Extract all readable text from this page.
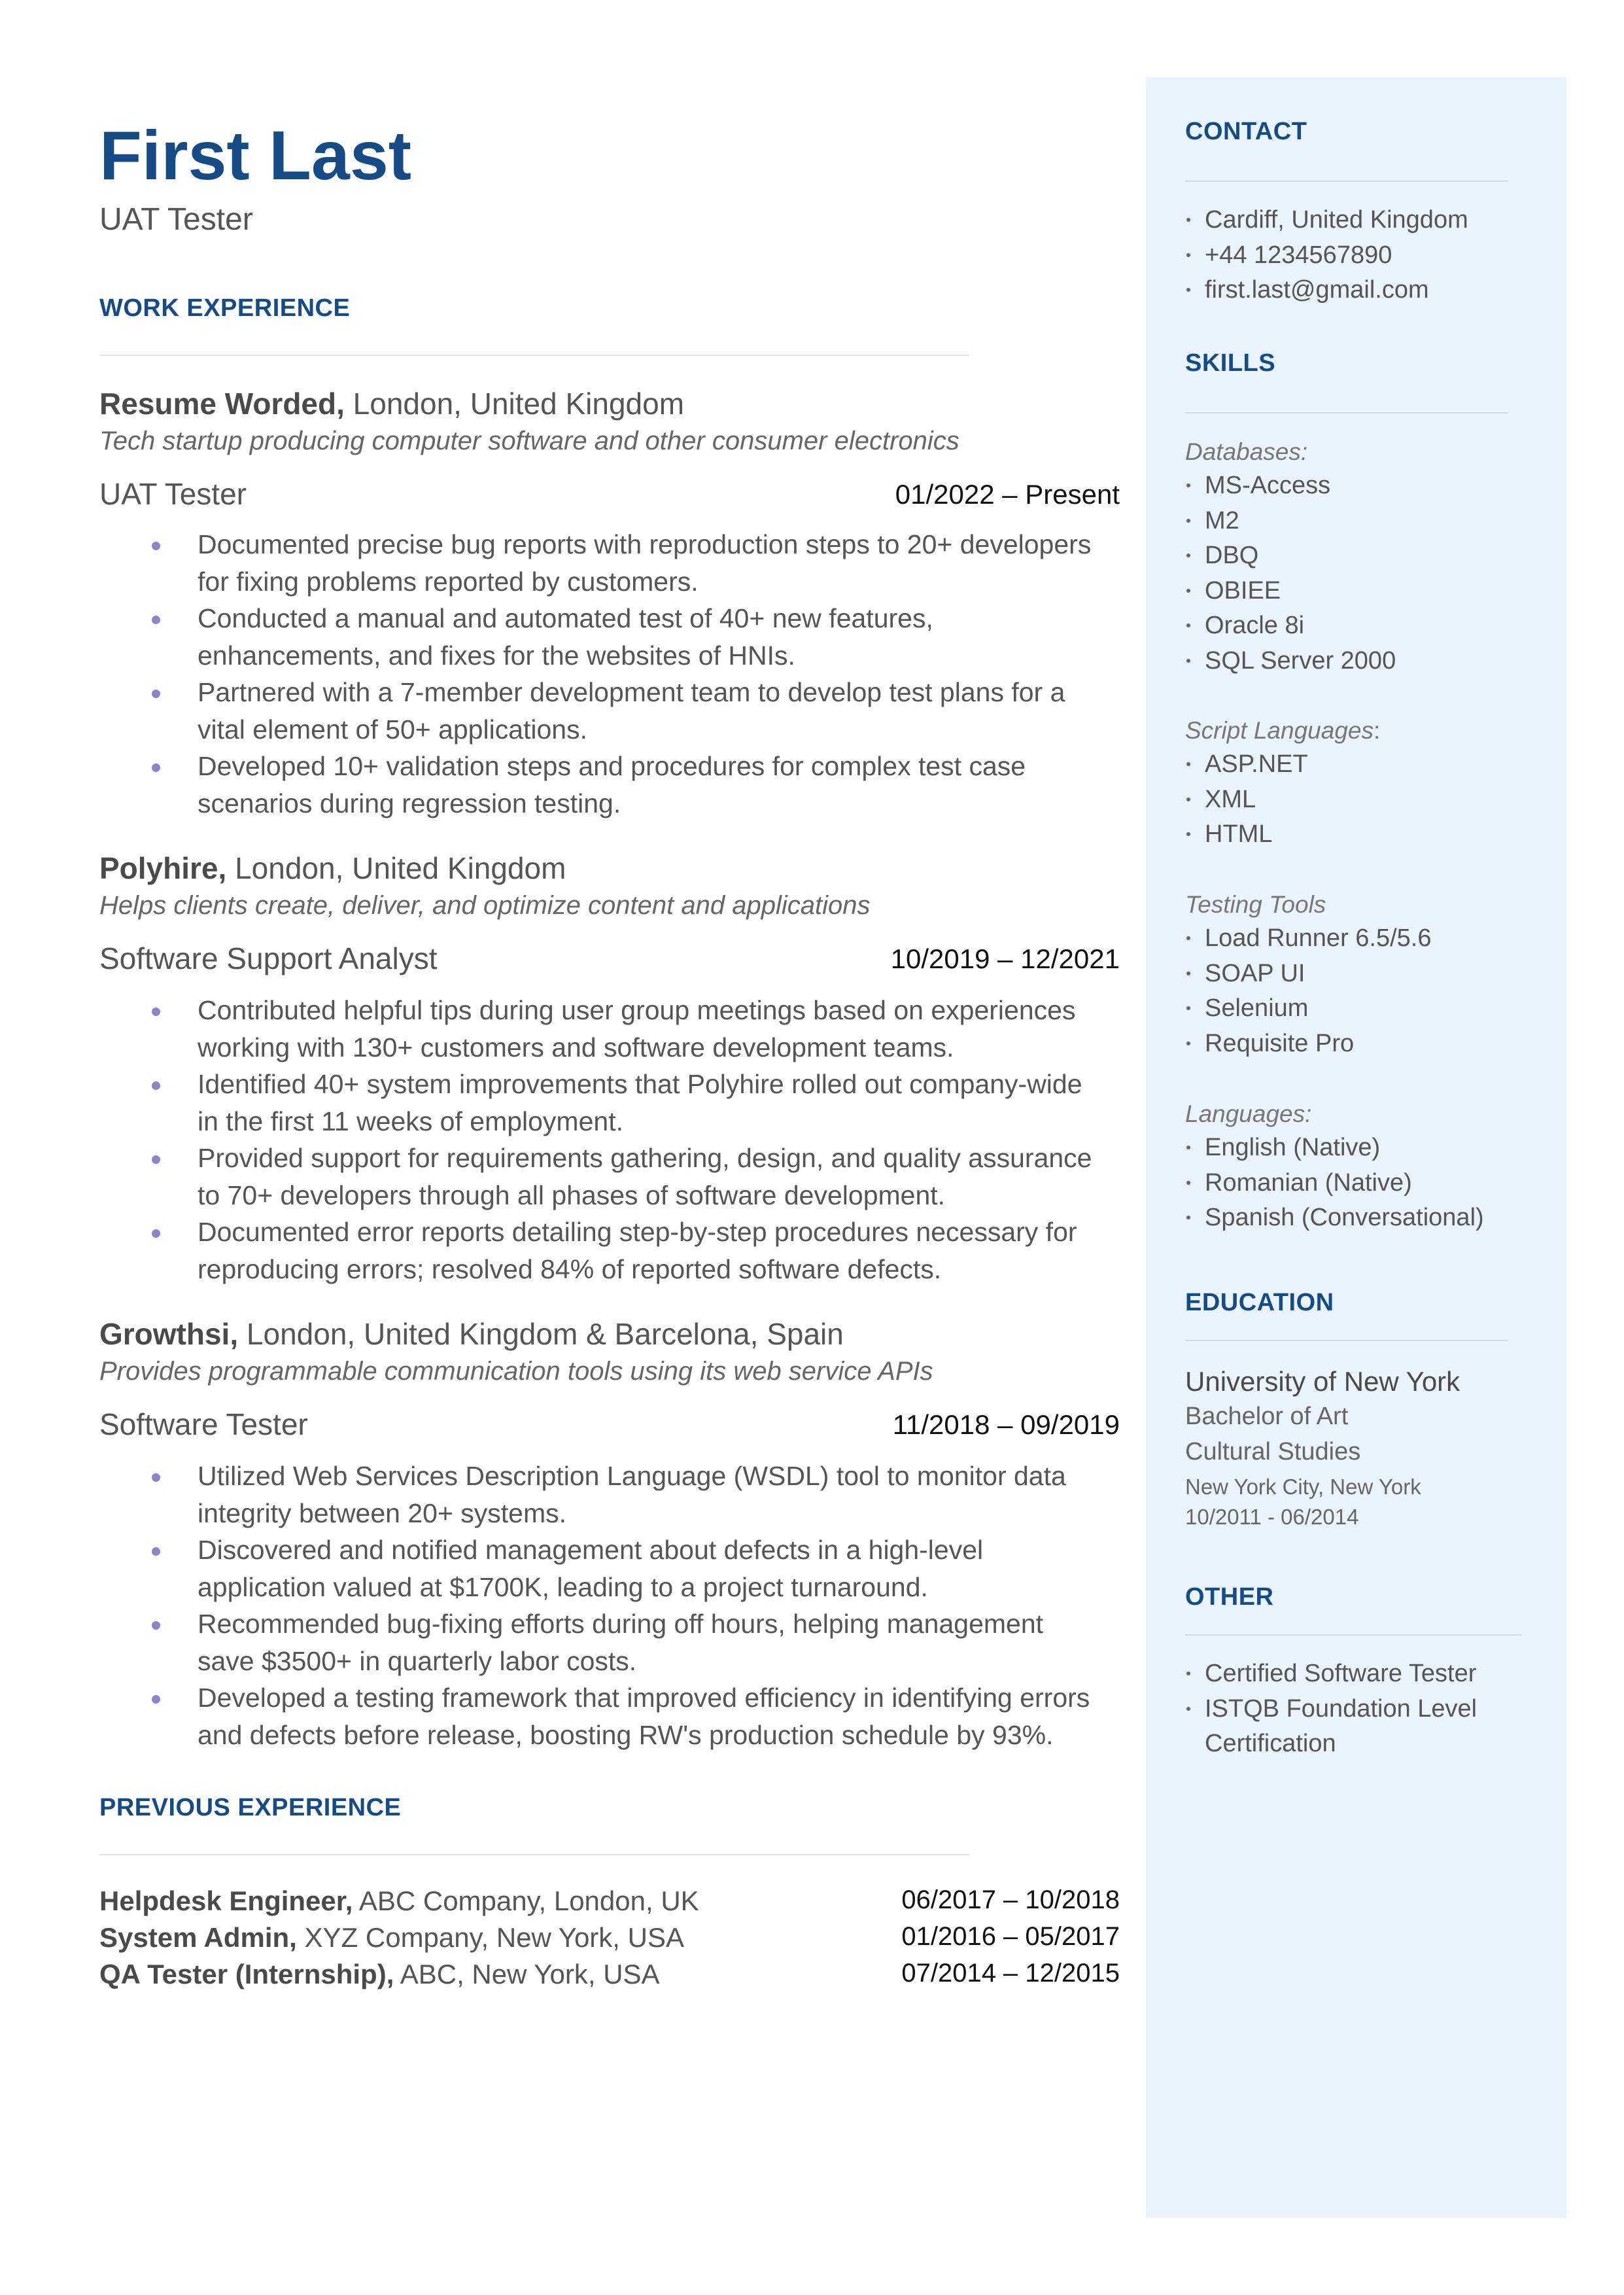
First Last
UAT Tester
WORK EXPERIENCE
Resume Worded, London, United Kingdom
Tech startup producing computer software and other consumer electronics
UAT Tester	01/2022 – Present
Documented precise bug reports with reproduction steps to 20+ developers for fixing problems reported by customers.
Conducted a manual and automated test of 40+ new features, enhancements, and fixes for the websites of HNIs.
Partnered with a 7-member development team to develop test plans for a vital element of 50+ applications.
Developed 10+ validation steps and procedures for complex test case scenarios during regression testing.
Polyhire, London, United Kingdom
Helps clients create, deliver, and optimize content and applications
Software Support Analyst	10/2019 – 12/2021
Contributed helpful tips during user group meetings based on experiences working with 130+ customers and software development teams.
Identified 40+ system improvements that Polyhire rolled out company-wide in the first 11 weeks of employment.
Provided support for requirements gathering, design, and quality assurance to 70+ developers through all phases of software development.
Documented error reports detailing step-by-step procedures necessary for reproducing errors; resolved 84% of reported software defects.
Growthsi, London, United Kingdom & Barcelona, Spain
Provides programmable communication tools using its web service APIs
Software Tester	11/2018 – 09/2019
Utilized Web Services Description Language (WSDL) tool to monitor data integrity between 20+ systems.
Discovered and notified management about defects in a high-level application valued at $1700K, leading to a project turnaround.
Recommended bug-fixing efforts during off hours, helping management save $3500+ in quarterly labor costs.
Developed a testing framework that improved efficiency in identifying errors and defects before release, boosting RW's production schedule by 93%.
PREVIOUS EXPERIENCE
Helpdesk Engineer, ABC Company, London, UK	06/2017 – 10/2018
System Admin, XYZ Company, New York, USA	01/2016 – 05/2017
QA Tester (Internship), ABC, New York, USA	07/2014 – 12/2015
CONTACT
Cardiff, United Kingdom
+44 1234567890
first.last@gmail.com
SKILLS
Databases:
MS-Access
M2
DBQ
OBIEE
Oracle 8i
SQL Server 2000
Script Languages:
ASP.NET
XML
HTML
Testing Tools
Load Runner 6.5/5.6
SOAP UI
Selenium
Requisite Pro
Languages:
English (Native)
Romanian (Native)
Spanish (Conversational)
EDUCATION
University of New York
Bachelor of Art
Cultural Studies
New York City, New York
10/2011 - 06/2014
OTHER
Certified Software Tester
ISTQB Foundation Level Certification
